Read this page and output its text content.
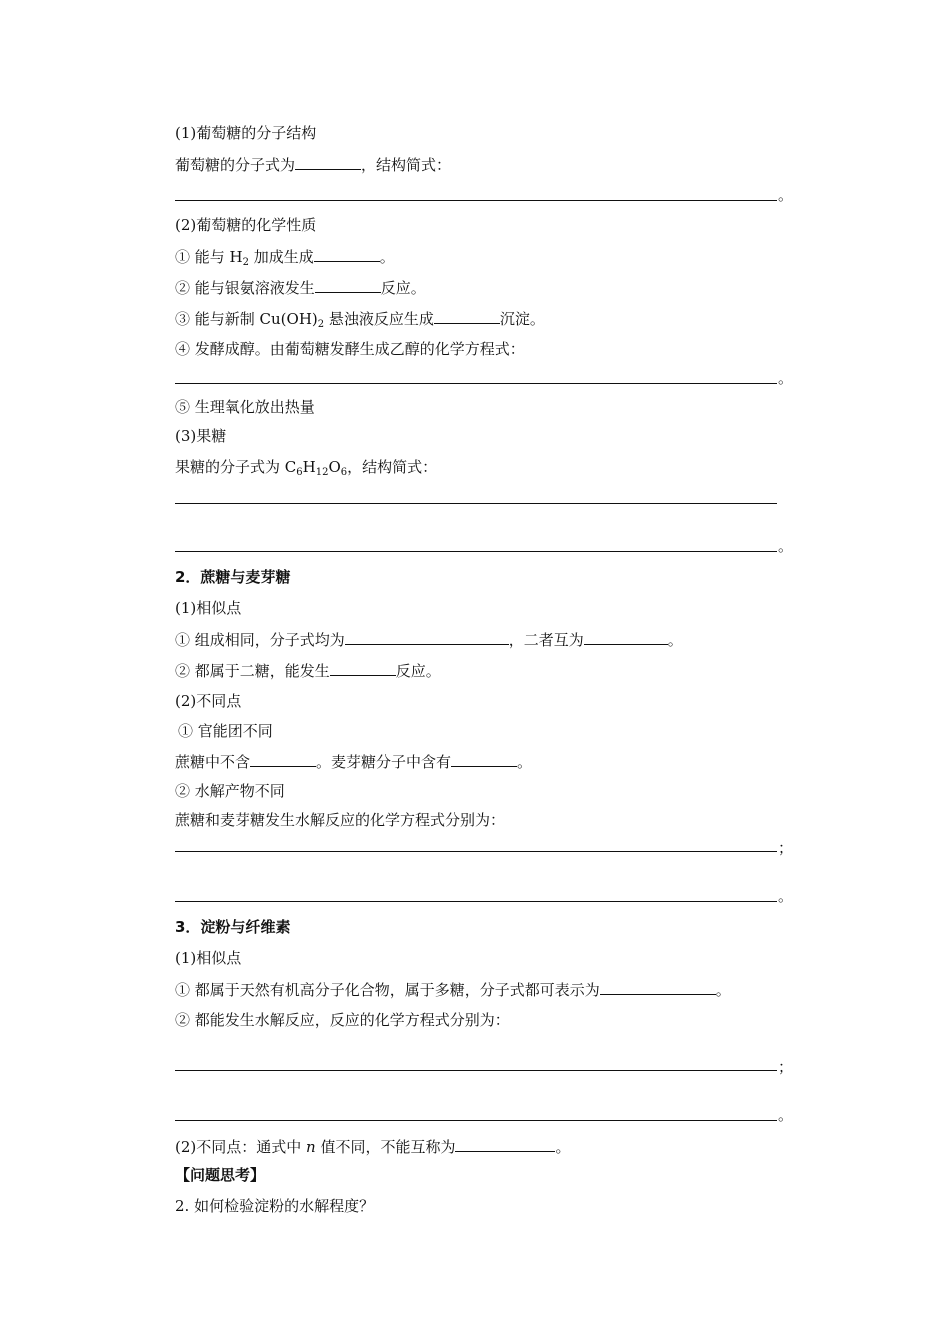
(1)葡萄糖的分子结构
葡萄糖的分子式为	，结构简式：
。
(2)葡萄糖的化学性质
① 能与 $H_2$ 加成生成	。
② 能与银氨溶液发生	反应。
③ 能与新制 $Cu(OH)_2$ 悬浊液反应生成	沉淀。
④ 发酵成醇。由葡萄糖发酵生成乙醇的化学方程式：
。
⑤ 生理氧化放出热量
(3)果糖
果糖的分子式为 $C_6H_{12}O_6$，结构简式：
。
2．蔗糖与麦芽糖
(1)相似点
① 组成相同，分子式均为	，二者互为	。
② 都属于二糖，能发生	反应。
(2)不同点
① 官能团不同
蔗糖中不含	。麦芽糖分子中含有	。
② 水解产物不同
蔗糖和麦芽糖发生水解反应的化学方程式分别为：
；
。
3．淀粉与纤维素
(1)相似点
① 都属于天然有机高分子化合物，属于多糖，分子式都可表示为	。
② 都能发生水解反应，反应的化学方程式分别为：
；
。
(2)不同点：通式中 n 值不同，不能互称为	。
【问题思考】
2. 如何检验淀粉的水解程度？
